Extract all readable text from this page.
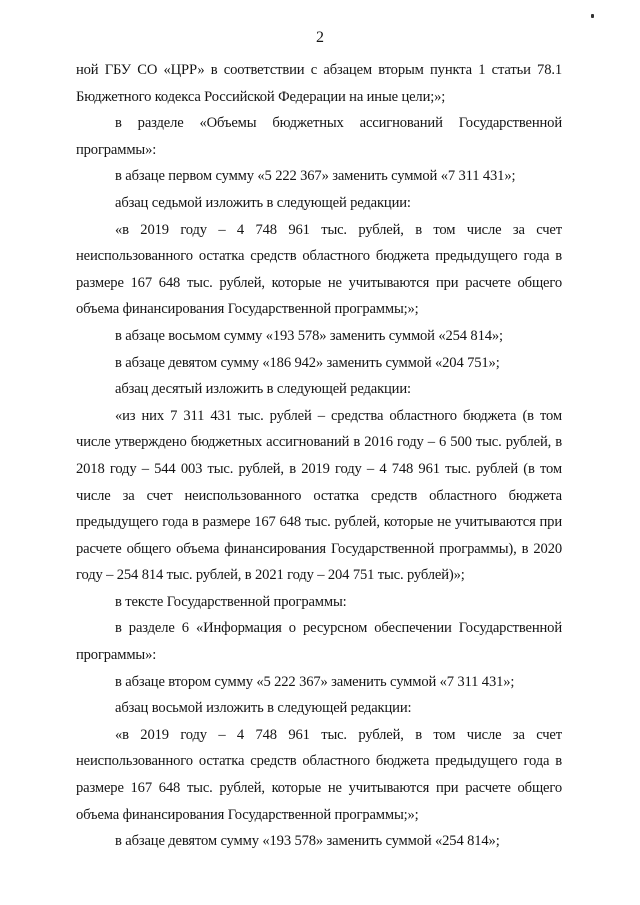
2

ной ГБУ СО «ЦРР» в соответствии с абзацем вторым пункта 1 статьи 78.1 Бюджетного кодекса Российской Федерации на иные цели;»;

в разделе «Объемы бюджетных ассигнований Государственной программы»:

в абзаце первом сумму «5 222 367» заменить суммой «7 311 431»;

абзац седьмой изложить в следующей редакции:

«в 2019 году – 4 748 961 тыс. рублей, в том числе за счет неиспользованного остатка средств областного бюджета предыдущего года в размере 167 648 тыс. рублей, которые не учитываются при расчете общего объема финансирования Государственной программы;»;

в абзаце восьмом сумму «193 578» заменить суммой «254 814»;

в абзаце девятом сумму «186 942» заменить суммой «204 751»;

абзац десятый изложить в следующей редакции:

«из них 7 311 431 тыс. рублей – средства областного бюджета (в том числе утверждено бюджетных ассигнований в 2016 году – 6 500 тыс. рублей, в 2018 году – 544 003 тыс. рублей, в 2019 году – 4 748 961 тыс. рублей (в том числе за счет неиспользованного остатка средств областного бюджета предыдущего года в размере 167 648 тыс. рублей, которые не учитываются при расчете общего объема финансирования Государственной программы), в 2020 году – 254 814 тыс. рублей, в 2021 году – 204 751 тыс. рублей)»;

в тексте Государственной программы:

в разделе 6 «Информация о ресурсном обеспечении Государственной программы»:

в абзаце втором сумму «5 222 367» заменить суммой «7 311 431»;

абзац восьмой изложить в следующей редакции:

«в 2019 году – 4 748 961 тыс. рублей, в том числе за счет неиспользованного остатка средств областного бюджета предыдущего года в размере 167 648 тыс. рублей, которые не учитываются при расчете общего объема финансирования Государственной программы;»;

в абзаце девятом сумму «193 578» заменить суммой «254 814»;
